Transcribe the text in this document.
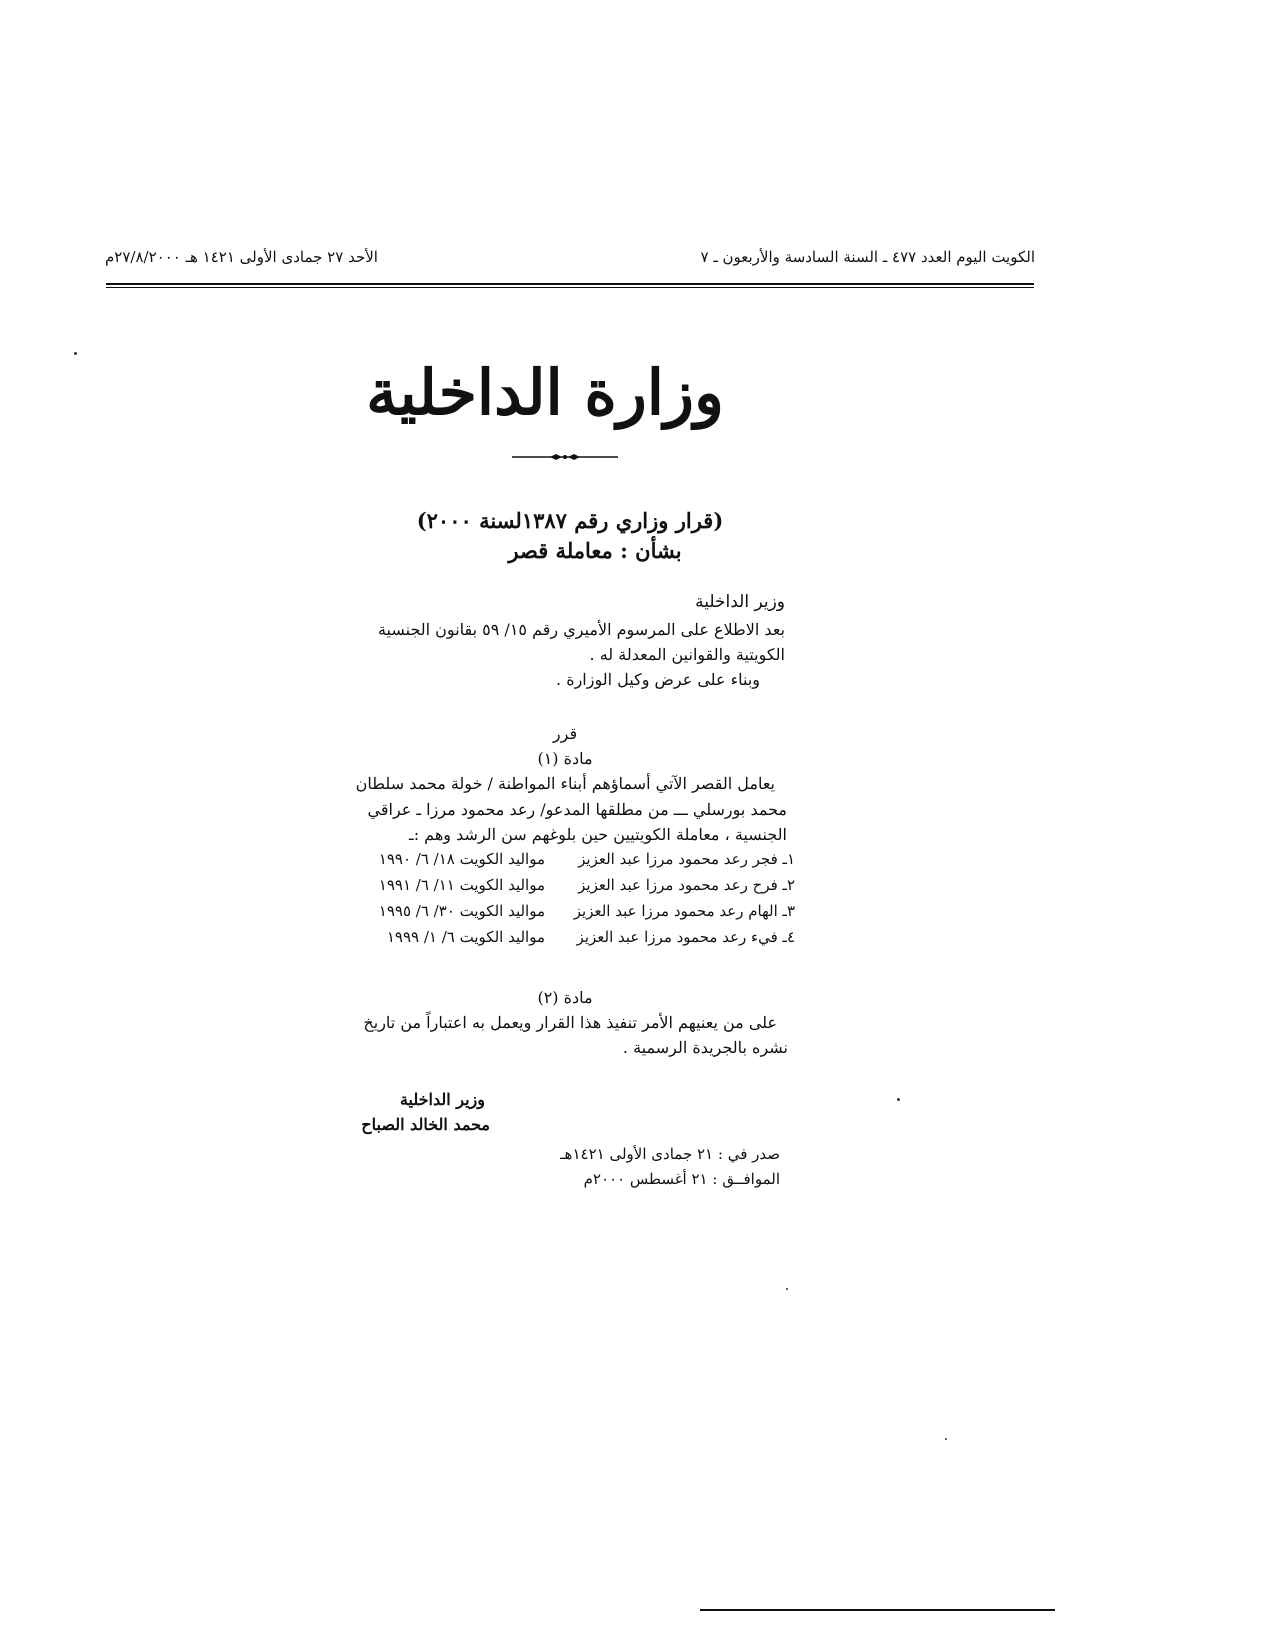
الكويت اليوم العدد ٤٧٧ ـ السنة السادسة والأربعون ـ ٧
الأحد ٢٧ جمادى الأولى ١٤٢١ هـ ٢٧/٨/٢٠٠٠م
وزارة الداخلية
(قرار وزاري رقم ١٣٨٧لسنة ٢٠٠٠)
بشأن : معاملة قصر
وزير الداخلية
بعد الاطلاع على المرسوم الأميري رقم ١٥/ ٥٩ بقانون الجنسية
الكويتية والقوانين المعدلة له .
وبناء على عرض وكيل الوزارة .
قرر
مادة (١)
يعامل القصر الآتي أسماؤهم أبناء المواطنة / خولة محمد سلطان
محمد بورسلي ـــ من مطلقها المدعو/ رعد محمود مرزا ـ عراقي
الجنسية ، معاملة الكويتيين حين بلوغهم سن الرشد وهم :ـ
١ـ فجر رعد محمود مرزا عبد العزيز
مواليد الكويت ١٨/ ٦/ ١٩٩٠
٢ـ فرح رعد محمود مرزا عبد العزيز
مواليد الكويت ١١/ ٦/ ١٩٩١
٣ـ الهام رعد محمود مرزا عبد العزيز
مواليد الكويت ٣٠/ ٦/ ١٩٩٥
٤ـ فيء رعد محمود مرزا عبد العزيز
مواليد الكويت ٦/ ١/ ١٩٩٩
مادة (٢)
على من يعنيهم الأمر تنفيذ هذا القرار ويعمل به اعتباراً من تاريخ
نشره بالجريدة الرسمية .
وزير الداخلية
محمد الخالد الصباح
صدر في : ٢١ جمادى الأولى ١٤٢١هـ
الموافــق : ٢١ أغسطس ٢٠٠٠م
